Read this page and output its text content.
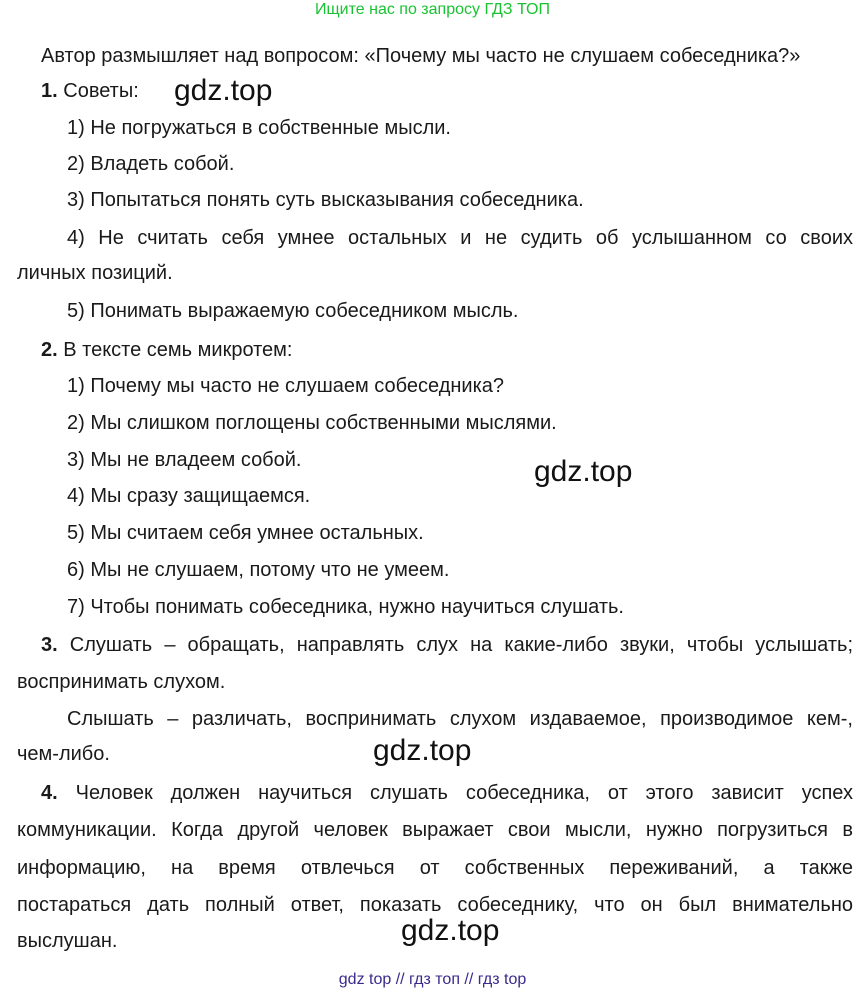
Ищите нас по запросу ГДЗ ТОП
Автор размышляет над вопросом: «Почему мы часто не слушаем собеседника?»
1. Советы:
1) Не погружаться в собственные мысли.
2) Владеть собой.
3) Попытаться понять суть высказывания собеседника.
4) Не считать себя умнее остальных и не судить об услышанном со своих
личных позиций.
5) Понимать выражаемую собеседником мысль.
2. В тексте семь микротем:
1) Почему мы часто не слушаем собеседника?
2) Мы слишком поглощены собственными мыслями.
3) Мы не владеем собой.
4) Мы сразу защищаемся.
5) Мы считаем себя умнее остальных.
6) Мы не слушаем, потому что не умеем.
7) Чтобы понимать собеседника, нужно научиться слушать.
3. Слушать – обращать, направлять слух на какие-либо звуки, чтобы услышать;
воспринимать слухом.
Слышать – различать, воспринимать слухом издаваемое, производимое кем-,
чем-либо.
4. Человек должен научиться слушать собеседника, от этого зависит успех
коммуникации. Когда другой человек выражает свои мысли, нужно погрузиться в
информацию, на время отвлечься от собственных переживаний, а также
постараться дать полный ответ, показать собеседнику, что он был внимательно
выслушан.
gdz.top
gdz.top
gdz.top
gdz.top
gdz top // гдз топ // гдз top
